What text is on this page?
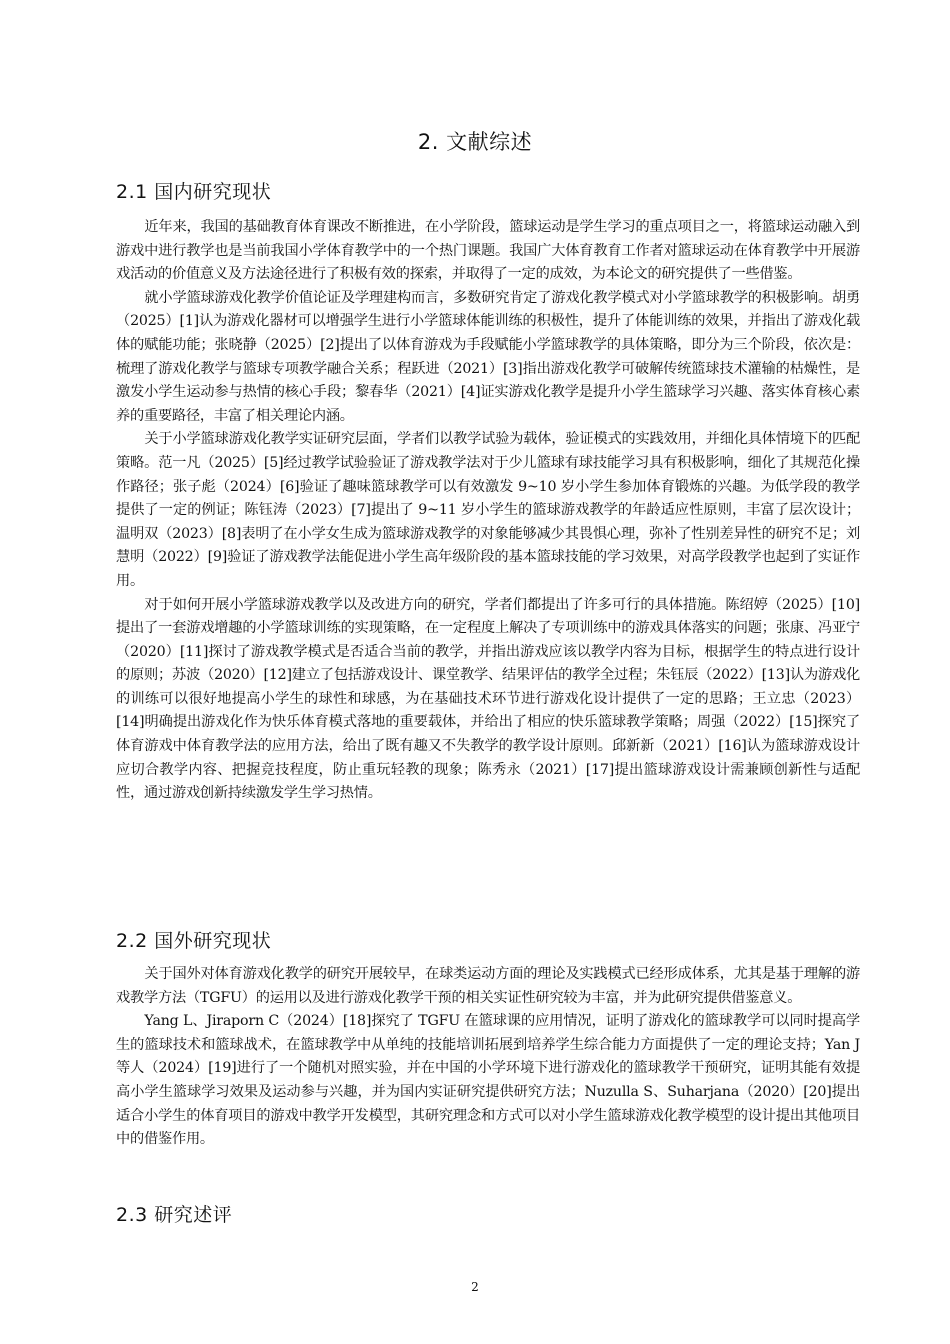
2. 文献综述
2.1 国内研究现状

近年来，我国的基础教育体育课改不断推进，在小学阶段，篮球运动是学生学习的重点项目之一，将篮球运动融入到游戏中进行教学也是当前我国小学体育教学中的一个热门课题。我国广大体育教育工作者对篮球运动在体育教学中开展游戏活动的价值意义及方法途径进行了积极有效的探索，并取得了一定的成效，为本论文的研究提供了一些借鉴。

就小学篮球游戏化教学价值论证及学理建构而言，多数研究肯定了游戏化教学模式对小学篮球教学的积极影响。胡勇（2025）[1]认为游戏化器材可以增强学生进行小学篮球体能训练的积极性，提升了体能训练的效果，并指出了游戏化载体的赋能功能；张晓静（2025）[2]提出了以体育游戏为手段赋能小学篮球教学的具体策略，即分为三个阶段，依次是：梳理了游戏化教学与篮球专项教学融合关系；程跃进（2021）[3]指出游戏化教学可破解传统篮球技术灌输的枯燥性，是激发小学生运动参与热情的核心手段；黎春华（2021）[4]证实游戏化教学是提升小学生篮球学习兴趣、落实体育核心素养的重要路径，丰富了相关理论内涵。

关于小学篮球游戏化教学实证研究层面，学者们以教学试验为载体，验证模式的实践效用，并细化具体情境下的匹配策略。范一凡（2025）[5]经过教学试验验证了游戏教学法对于少儿篮球有球技能学习具有积极影响，细化了其规范化操作路径；张子彪（2024）[6]验证了趣味篮球教学可以有效激发 9~10 岁小学生参加体育锻炼的兴趣。为低学段的教学提供了一定的例证；陈钰涛（2023）[7]提出了 9~11 岁小学生的篮球游戏教学的年龄适应性原则，丰富了层次设计；温明双（2023）[8]表明了在小学女生成为篮球游戏教学的对象能够减少其畏惧心理，弥补了性别差异性的研究不足；刘慧明（2022）[9]验证了游戏教学法能促进小学生高年级阶段的基本篮球技能的学习效果，对高学段教学也起到了实证作用。

对于如何开展小学篮球游戏教学以及改进方向的研究，学者们都提出了许多可行的具体措施。陈绍婷（2025）[10]提出了一套游戏增趣的小学篮球训练的实现策略，在一定程度上解决了专项训练中的游戏具体落实的问题；张康、冯亚宁（2020）[11]探讨了游戏教学模式是否适合当前的教学，并指出游戏应该以教学内容为目标，根据学生的特点进行设计的原则；苏波（2020）[12]建立了包括游戏设计、课堂教学、结果评估的教学全过程；朱钰辰（2022）[13]认为游戏化的训练可以很好地提高小学生的球性和球感，为在基础技术环节进行游戏化设计提供了一定的思路；王立忠（2023）[14]明确提出游戏化作为快乐体育模式落地的重要载体，并给出了相应的快乐篮球教学策略；周强（2022）[15]探究了体育游戏中体育教学法的应用方法，给出了既有趣又不失教学的教学设计原则。邱新新（2021）[16]认为篮球游戏设计应切合教学内容、把握竞技程度，防止重玩轻教的现象；陈秀永（2021）[17]提出篮球游戏设计需兼顾创新性与适配性，通过游戏创新持续激发学生学习热情。

2.2 国外研究现状

关于国外对体育游戏化教学的研究开展较早，在球类运动方面的理论及实践模式已经形成体系，尤其是基于理解的游戏教学方法（TGFU）的运用以及进行游戏化教学干预的相关实证性研究较为丰富，并为此研究提供借鉴意义。

Yang L、Jiraporn C（2024）[18]探究了 TGFU 在篮球课的应用情况，证明了游戏化的篮球教学可以同时提高学生的篮球技术和篮球战术，在篮球教学中从单纯的技能培训拓展到培养学生综合能力方面提供了一定的理论支持；Yan J 等人（2024）[19]进行了一个随机对照实验，并在中国的小学环境下进行游戏化的篮球教学干预研究，证明其能有效提高小学生篮球学习效果及运动参与兴趣，并为国内实证研究提供研究方法；Nuzulla S、Suharjana（2020）[20]提出适合小学生的体育项目的游戏中教学开发模型，其研究理念和方式可以对小学生篮球游戏化教学模型的设计提出其他项目中的借鉴作用。

2.3 研究述评
2
